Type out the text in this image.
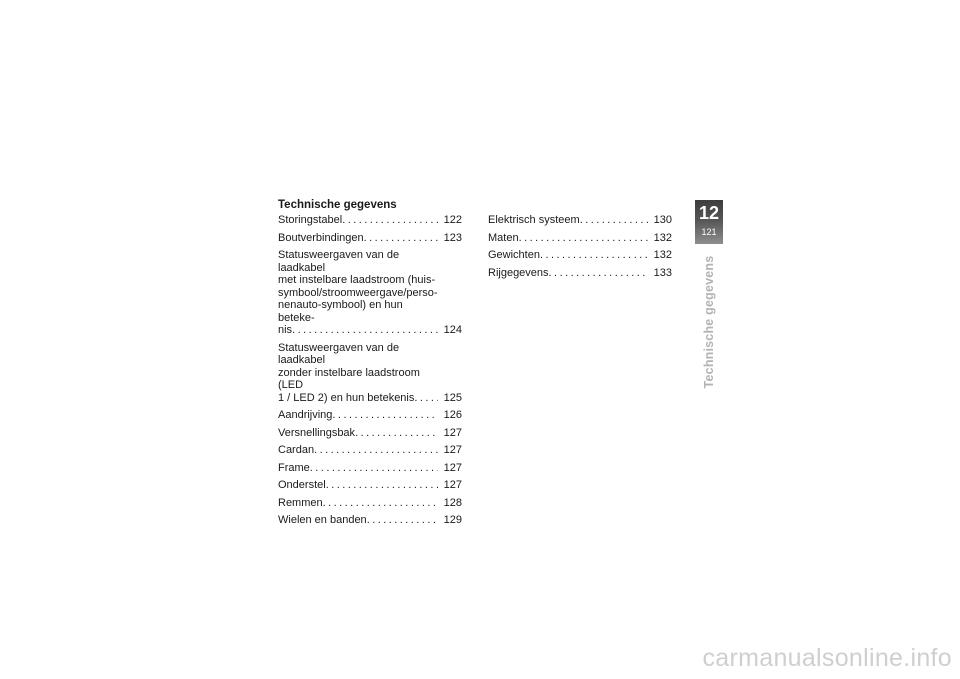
Technische gegevens
Storingstabel . . .	122
Boutverbindingen . . .	123
Statusweergaven van de laadkabel
met instelbare laadstroom (huis-
symbool/stroomweergave/perso-
nenauto-symbool) en hun beteke-
nis . . .	124
Statusweergaven van de laadkabel
zonder instelbare laadstroom (LED
1 / LED 2) en hun betekenis . . .	125
Aandrijving . . .	126
Versnellingsbak . . .	127
Cardan . . .	127
Frame . . .	127
Onderstel . . .	127
Remmen . . .	128
Wielen en banden . . .	129
Elektrisch systeem . . .	130
Maten . . .	132
Gewichten . . .	132
Rijgegevens . . .	133
12
121
Technische gegevens
carmanualsonline.info
